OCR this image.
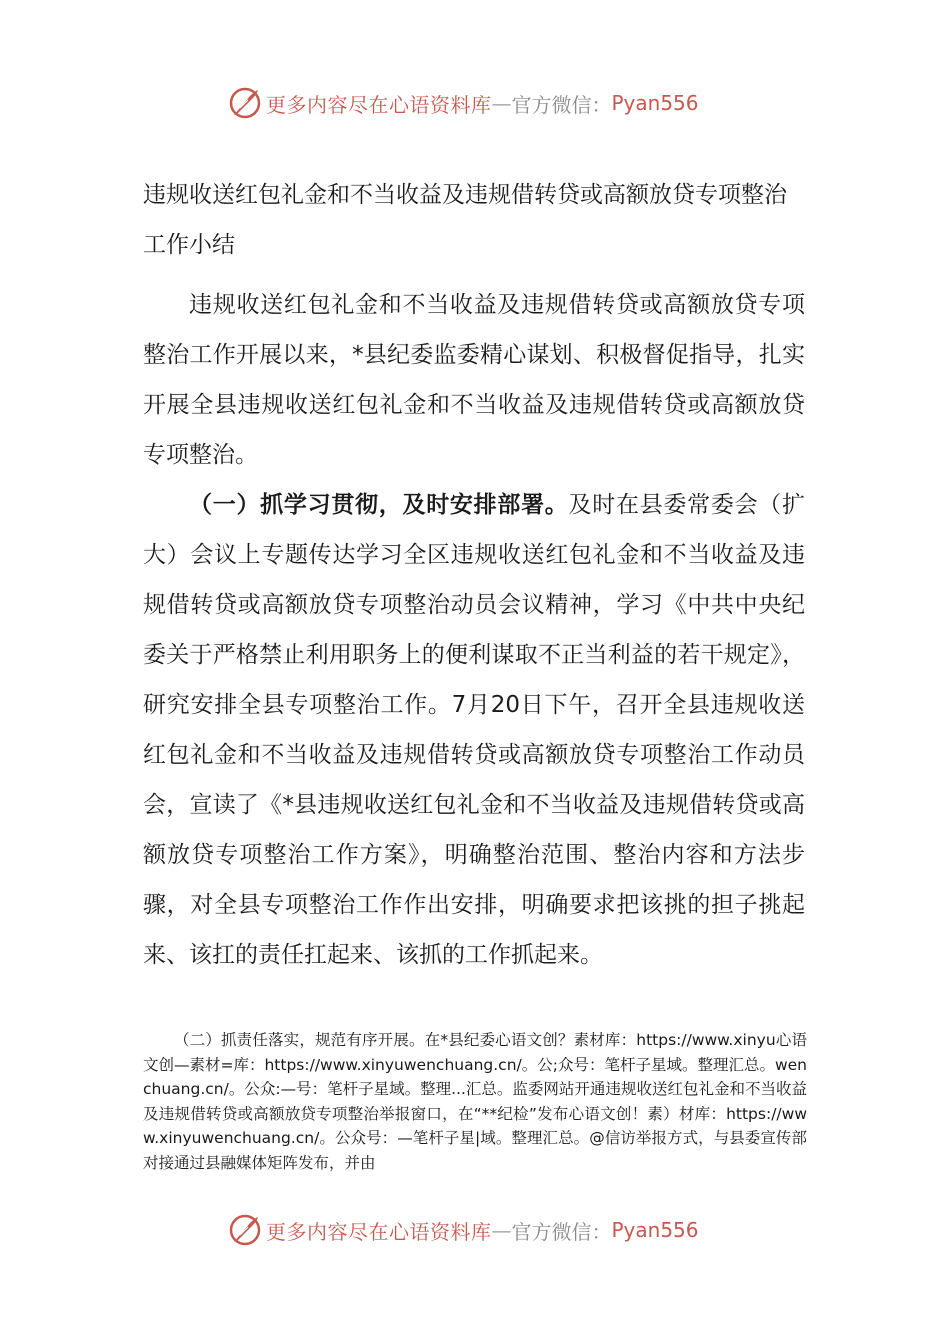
更多内容尽在心语资料库 — 官方微信： Pyan556
违规收送红包礼金和不当收益及违规借转贷或高额放贷专项整治工作小结

违规收送红包礼金和不当收益及违规借转贷或高额放贷专项整治工作开展以来，*县纪委监委精心谋划、积极督促指导，扎实开展全县违规收送红包礼金和不当收益及违规借转贷或高额放贷专项整治。

（一）抓学习贯彻，及时安排部署。及时在县委常委会（扩大）会议上专题传达学习全区违规收送红包礼金和不当收益及违规借转贷或高额放贷专项整治动员会议精神，学习《中共中央纪委关于严格禁止利用职务上的便利谋取不正当利益的若干规定》，研究安排全县专项整治工作。7月20日下午，召开全县违规收送红包礼金和不当收益及违规借转贷或高额放贷专项整治工作动员会，宣读了《*县违规收送红包礼金和不当收益及违规借转贷或高额放贷专项整治工作方案》，明确整治范围、整治内容和方法步骤，对全县专项整治工作作出安排，明确要求把该挑的担子挑起来、该扛的责任扛起来、该抓的工作抓起来。

（二）抓责任落实，规范有序开展。在*县纪委心语文创？素材库：https://www.xinyu心语文创—素材=库：https://www.xinyuwenchuang.cn/。公;众号：笔杆子星域。整理汇总。wenchuang.cn/。公众:—号：笔杆子星域。整理...汇总。监委网站开通违规收送红包礼金和不当收益及违规借转贷或高额放贷专项整治举报窗口，在“**纪检”发布心语文创！素）材库：https://www.xinyuwenchuang.cn/。公众号：—笔杆子星|域。整理汇总。@信访举报方式，与县委宣传部对接通过县融媒体矩阵发布，并由

更多内容尽在心语资料库 — 官方微信： Pyan556
